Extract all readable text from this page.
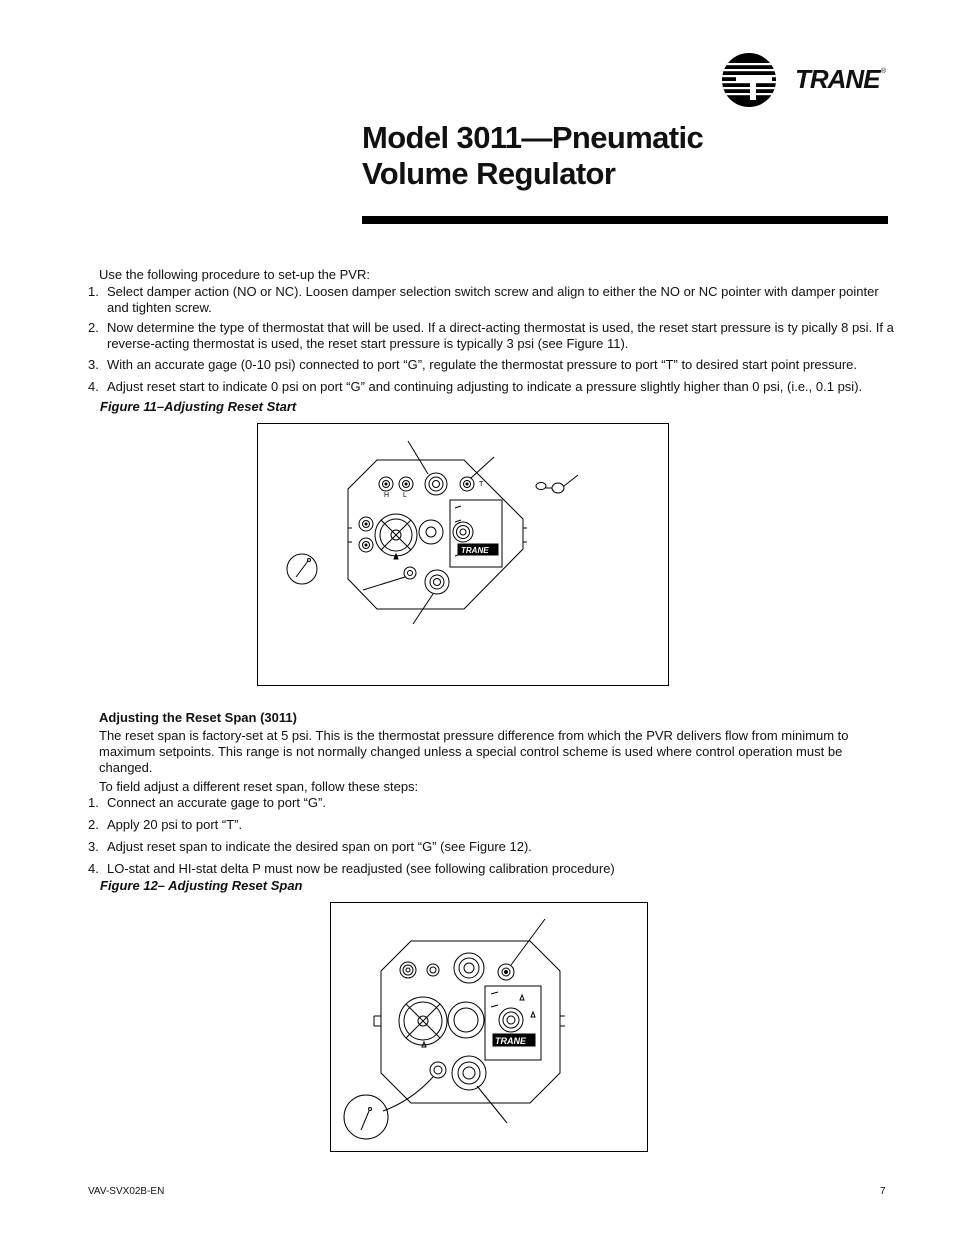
TRANE ®
Model 3011—Pneumatic
Volume Regulator

Use the following procedure to set-up the PVR:

1. Select damper action (NO or NC). Loosen damper selection switch screw and align to either the NO or NC pointer with damper pointer and tighten screw.
2. Now determine the type of thermostat that will be used. If a direct-acting thermostat is used, the reset start pressure is ty pically 8 psi. If a reverse-acting thermostat is used, the reset start pressure is typically 3 psi (see Figure 11).
3. With an accurate gage (0-10 psi) connected to port “G”, regulate the thermostat pressure to port “T” to desired start point pressure.
4. Adjust reset start to indicate 0 psi on port “G” and continuing adjusting to indicate a pressure slightly higher than 0 psi, (i.e., 0.1 psi).

Figure 11–Adjusting Reset Start

H L
T
TRANE

Adjusting the Reset Span (3011)

The reset span is factory-set at 5 psi. This is the thermostat pressure difference from which the PVR delivers flow from minimum to maximum setpoints. This range is not normally changed unless a special control scheme is used where control operation must be changed.

To field adjust a different reset span, follow these steps:

1. Connect an accurate gage to port “G”.
2. Apply 20 psi to port “T”.
3. Adjust reset span to indicate the desired span on port “G” (see Figure 12).
4. LO-stat and HI-stat delta P must now be readjusted (see following calibration procedure)

Figure 12– Adjusting Reset Span

TRANE
VAV-SVX02B-EN	7
